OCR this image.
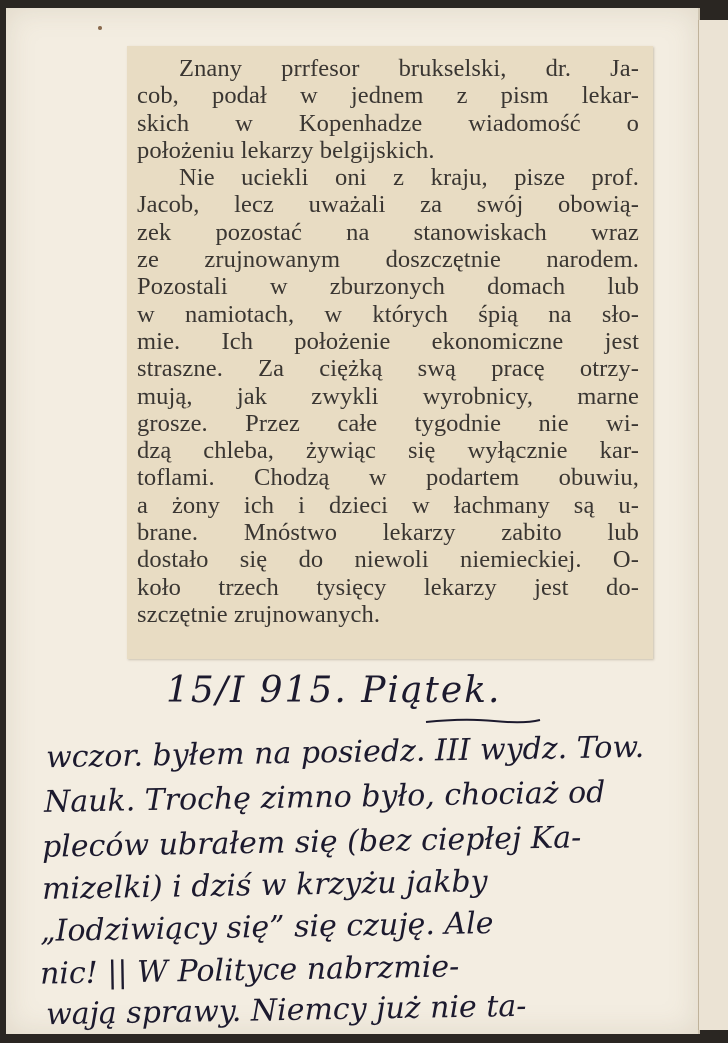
Znany prrfesor brukselski, dr. Ja-
cob, podał w jednem z pism lekar-
skich w Kopenhadze wiadomość o
położeniu lekarzy belgijskich.
Nie uciekli oni z kraju, pisze prof.
Jacob, lecz uważali za swój obowią-
zek pozostać na stanowiskach wraz
ze zrujnowanym doszczętnie narodem.
Pozostali w zburzonych domach lub
w namiotach, w których śpią na sło-
mie. Ich położenie ekonomiczne jest
straszne. Za ciężką swą pracę otrzy-
mują, jak zwykli wyrobnicy, marne
grosze. Przez całe tygodnie nie wi-
dzą chleba, żywiąc się wyłącznie kar-
toflami. Chodzą w podartem obuwiu,
a żony ich i dzieci w łachmany są u-
brane. Mnóstwo lekarzy zabito lub
dostało się do niewoli niemieckiej. O-
koło trzech tysięcy lekarzy jest do-
szczętnie zrujnowanych.
15/I 915. Piątek.
wczor. byłem na posiedz. III wydz. Tow.
Nauk. Trochę zimno było, chociaż od
pleców ubrałem się (bez ciepłej Ka-
mizelki) i dziś w krzyżu jakby
„Iodziwiący się” się czuję. Ale
nic! || W Polityce nabrzmie-
wają sprawy. Niemcy już nie ta-
